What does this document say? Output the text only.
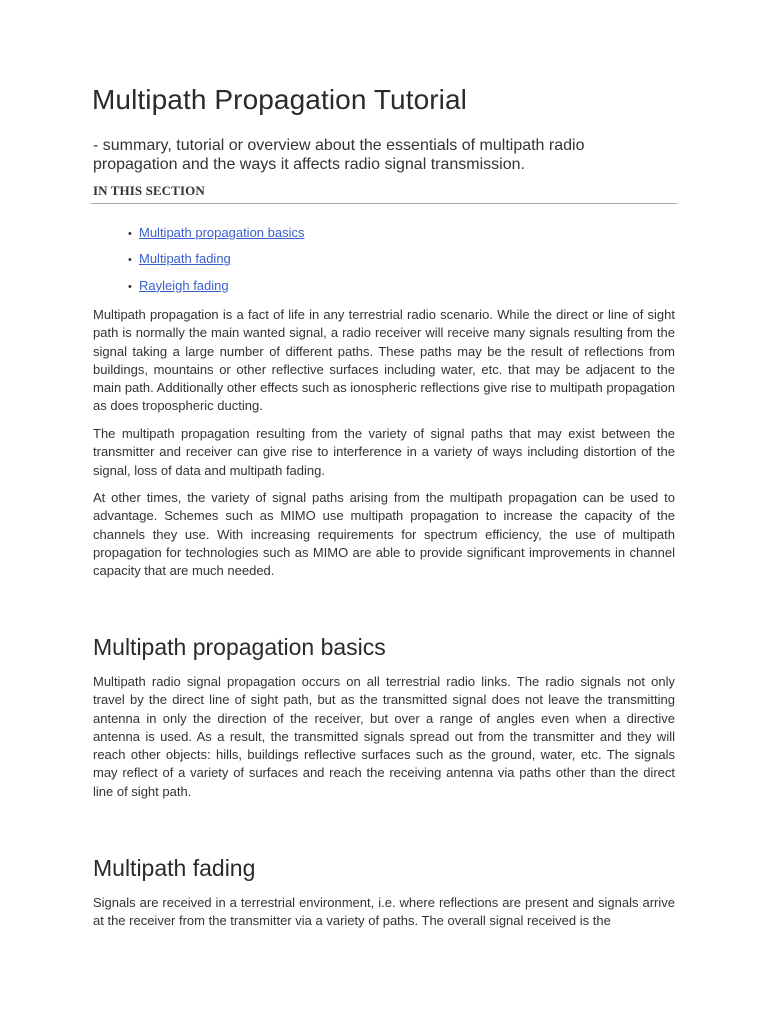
Multipath Propagation Tutorial

- summary, tutorial or overview about the essentials of multipath radio propagation and the ways it affects radio signal transmission.

IN THIS SECTION
• Multipath propagation basics
• Multipath fading
• Rayleigh fading

Multipath propagation is a fact of life in any terrestrial radio scenario. While the direct or line of sight path is normally the main wanted signal, a radio receiver will receive many signals resulting from the signal taking a large number of different paths. These paths may be the result of reflections from buildings, mountains or other reflective surfaces including water, etc. that may be adjacent to the main path. Additionally other effects such as ionospheric reflections give rise to multipath propagation as does tropospheric ducting.

The multipath propagation resulting from the variety of signal paths that may exist between the transmitter and receiver can give rise to interference in a variety of ways including distortion of the signal, loss of data and multipath fading.

At other times, the variety of signal paths arising from the multipath propagation can be used to advantage. Schemes such as MIMO use multipath propagation to increase the capacity of the channels they use. With increasing requirements for spectrum efficiency, the use of multipath propagation for technologies such as MIMO are able to provide significant improvements in channel capacity that are much needed.

Multipath propagation basics

Multipath radio signal propagation occurs on all terrestrial radio links. The radio signals not only travel by the direct line of sight path, but as the transmitted signal does not leave the transmitting antenna in only the direction of the receiver, but over a range of angles even when a directive antenna is used. As a result, the transmitted signals spread out from the transmitter and they will reach other objects: hills, buildings reflective surfaces such as the ground, water, etc. The signals may reflect of a variety of surfaces and reach the receiving antenna via paths other than the direct line of sight path.

Multipath fading

Signals are received in a terrestrial environment, i.e. where reflections are present and signals arrive at the receiver from the transmitter via a variety of paths. The overall signal received is the
